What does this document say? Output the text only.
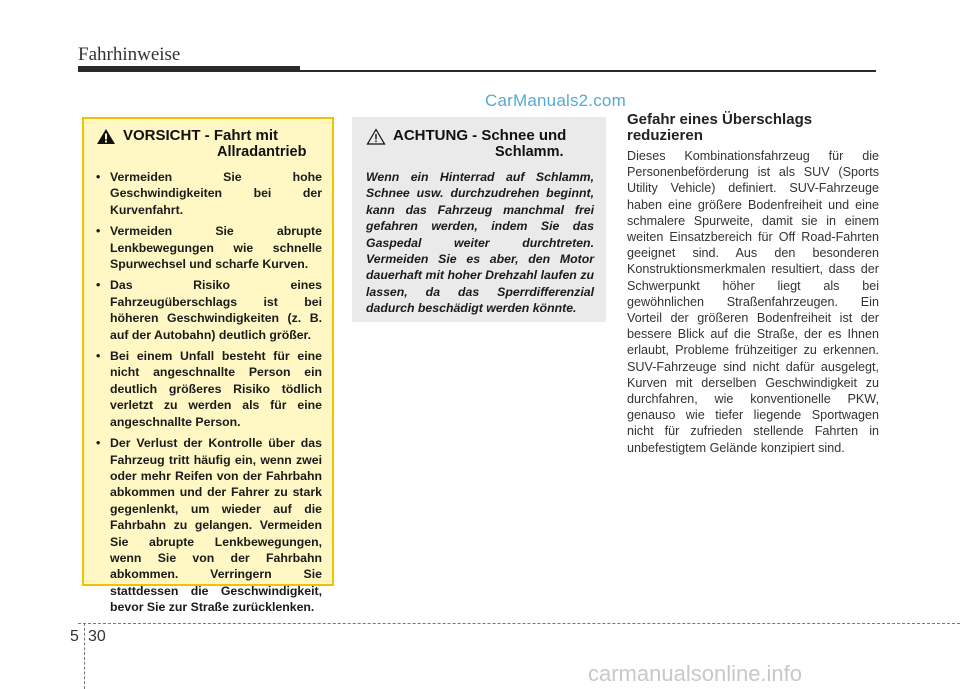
Fahrhinweise
CarManuals2.com
VORSICHT - Fahrt mit
Allradantrieb
• Vermeiden Sie hohe Geschwindigkeiten bei der Kurvenfahrt.
• Vermeiden Sie abrupte Lenkbewegungen wie schnelle Spurwechsel und scharfe Kurven.
• Das Risiko eines Fahrzeugüberschlags ist bei höheren Geschwindigkeiten (z. B. auf der Autobahn) deutlich größer.
• Bei einem Unfall besteht für eine nicht angeschnallte Person ein deutlich größeres Risiko tödlich verletzt zu werden als für eine angeschnallte Person.
• Der Verlust der Kontrolle über das Fahrzeug tritt häufig ein, wenn zwei oder mehr Reifen von der Fahrbahn abkommen und der Fahrer zu stark gegenlenkt, um wieder auf die Fahrbahn zu gelangen. Vermeiden Sie abrupte Lenkbewegungen, wenn Sie von der Fahrbahn abkommen. Verringern Sie stattdessen die Geschwindigkeit, bevor Sie zur Straße zurücklenken.
ACHTUNG - Schnee und
Schlamm.
Wenn ein Hinterrad auf Schlamm, Schnee usw. durchzudrehen beginnt, kann das Fahrzeug manchmal frei gefahren werden, indem Sie das Gaspedal weiter durchtreten. Vermeiden Sie es aber, den Motor dauerhaft mit hoher Drehzahl laufen zu lassen, da das Sperrdifferenzial dadurch beschädigt werden könnte.
Gefahr eines Überschlags reduzieren
Dieses Kombinationsfahrzeug für die Personenbeförderung ist als SUV (Sports Utility Vehicle) definiert. SUV-Fahrzeuge haben eine größere Bodenfreiheit und eine schmalere Spurweite, damit sie in einem weiten Einsatzbereich für Off Road-Fahrten geeignet sind. Aus den besonderen Konstruktionsmerkmalen resultiert, dass der Schwerpunkt höher liegt als bei gewöhnlichen Straßenfahrzeugen. Ein Vorteil der größeren Bodenfreiheit ist der bessere Blick auf die Straße, der es Ihnen erlaubt, Probleme frühzeitiger zu erkennen. SUV-Fahrzeuge sind nicht dafür ausgelegt, Kurven mit derselben Geschwindigkeit zu durchfahren, wie konventionelle PKW, genauso wie tiefer liegende Sportwagen nicht für zufrieden stellende Fahrten in unbefestigtem Gelände konzipiert sind.
5 30
carmanualsonline.info
